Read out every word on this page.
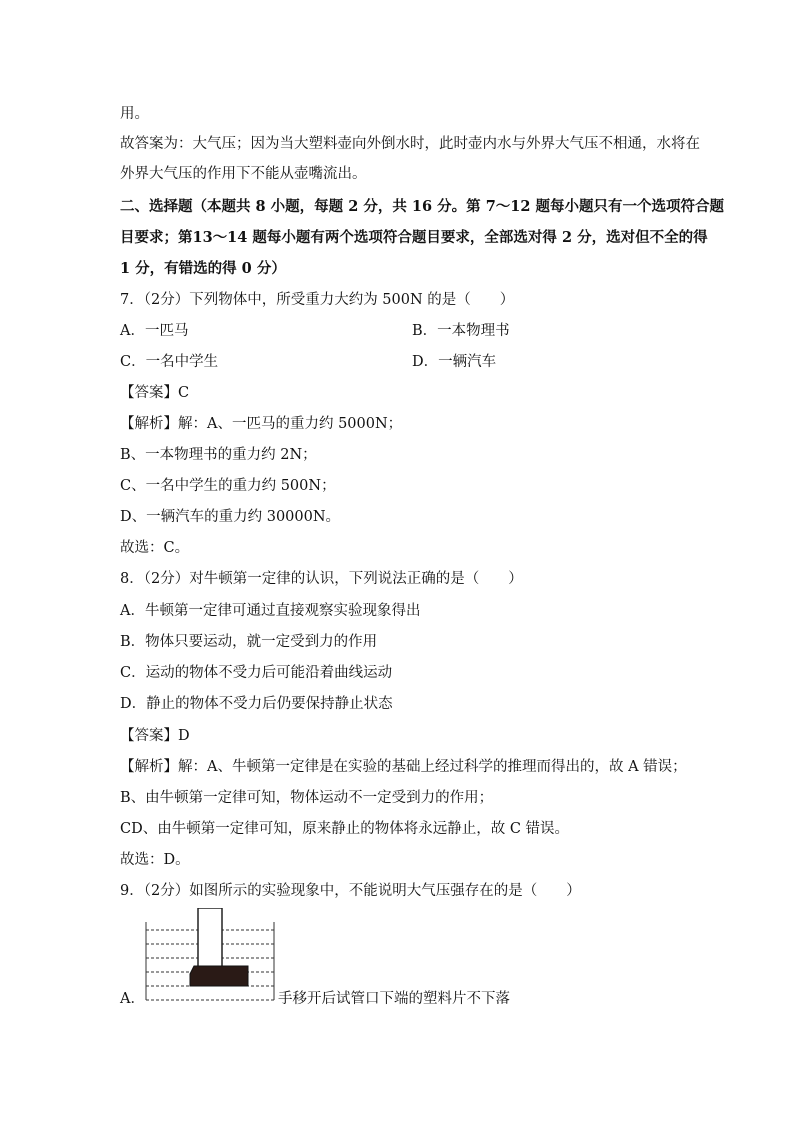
用。
故答案为：大气压；因为当大塑料壶向外倒水时，此时壶内水与外界大气压不相通，水将在
外界大气压的作用下不能从壶嘴流出。
二、选择题（本题共 8 小题，每题 2 分，共 16 分。第 7～12 题每小题只有一个选项符合题
目要求；第13～14 题每小题有两个选项符合题目要求，全部选对得 2 分，选对但不全的得
1 分，有错选的得 0 分）
7．（2分）下列物体中，所受重力大约为 500N 的是（　　）
A．一匹马	B．一本物理书
C．一名中学生	D．一辆汽车
【答案】C
【解析】解：A、一匹马的重力约 5000N；
B、一本物理书的重力约 2N；
C、一名中学生的重力约 500N；
D、一辆汽车的重力约 30000N。
故选：C。
8．（2分）对牛顿第一定律的认识，下列说法正确的是（　　）
A．牛顿第一定律可通过直接观察实验现象得出
B．物体只要运动，就一定受到力的作用
C．运动的物体不受力后可能沿着曲线运动
D．静止的物体不受力后仍要保持静止状态
【答案】D
【解析】解：A、牛顿第一定律是在实验的基础上经过科学的推理而得出的，故 A 错误；
B、由牛顿第一定律可知，物体运动不一定受到力的作用；
CD、由牛顿第一定律可知，原来静止的物体将永远静止，故 C 错误。
故选：D。
9．（2分）如图所示的实验现象中，不能说明大气压强存在的是（　　）
A．	手移开后试管口下端的塑料片不下落
